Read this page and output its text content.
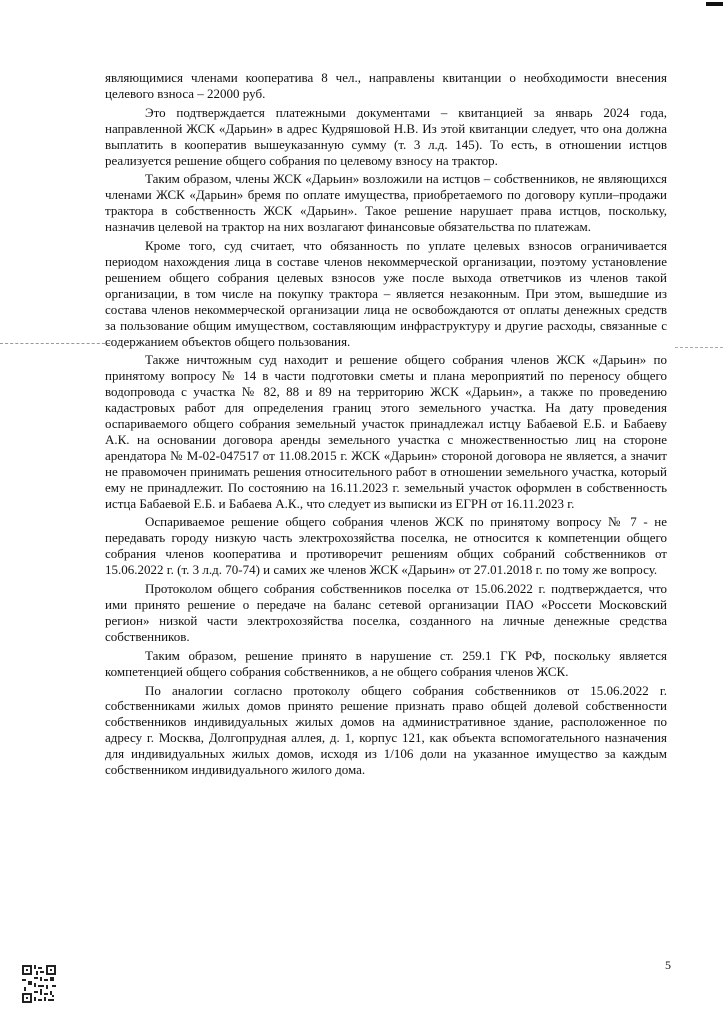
являющимися членами кооператива 8 чел., направлены квитанции о необходимости внесения целевого взноса – 22000 руб.

Это подтверждается платежными документами – квитанцией за январь 2024 года, направленной ЖСК «Дарьин» в адрес Кудряшовой Н.В. Из этой квитанции следует, что она должна выплатить в кооператив вышеуказанную сумму (т. 3 л.д. 145). То есть, в отношении истцов реализуется решение общего собрания по целевому взносу на трактор.

Таким образом, члены ЖСК «Дарьин» возложили на истцов – собственников, не являющихся членами ЖСК «Дарьин» бремя по оплате имущества, приобретаемого по договору купли–продажи трактора в собственность ЖСК «Дарьин». Такое решение нарушает права истцов, поскольку, назначив целевой на трактор на них возлагают финансовые обязательства по платежам.

Кроме того, суд считает, что обязанность по уплате целевых взносов ограничивается периодом нахождения лица в составе членов некоммерческой организации, поэтому установление решением общего собрания целевых взносов уже после выхода ответчиков из членов такой организации, в том числе на покупку трактора – является незаконным. При этом, вышедшие из состава членов некоммерческой организации лица не освобождаются от оплаты денежных средств за пользование общим имуществом, составляющим инфраструктуру и другие расходы, связанные с содержанием объектов общего пользования.

Также ничтожным суд находит и решение общего собрания членов ЖСК «Дарьин» по принятому вопросу № 14 в части подготовки сметы и плана мероприятий по переносу общего водопровода с участка № 82, 88 и 89 на территорию ЖСК «Дарьин», а также по проведению кадастровых работ для определения границ этого земельного участка. На дату проведения оспариваемого общего собрания земельный участок принадлежал истцу Бабаевой Е.Б. и Бабаеву А.К. на основании договора аренды земельного участка с множественностью лиц на стороне арендатора № М-02-047517 от 11.08.2015 г. ЖСК «Дарьин» стороной договора не является, а значит не правомочен принимать решения относительного работ в отношении земельного участка, который ему не принадлежит. По состоянию на 16.11.2023 г. земельный участок оформлен в собственность истца Бабаевой Е.Б. и Бабаева А.К., что следует из выписки из ЕГРН от 16.11.2023 г.

Оспариваемое решение общего собрания членов ЖСК по принятому вопросу № 7 - не передавать городу низкую часть электрохозяйства поселка, не относится к компетенции общего собрания членов кооператива и противоречит решениям общих собраний собственников от 15.06.2022 г. (т. 3 л.д. 70-74) и самих же членов ЖСК «Дарьин» от 27.01.2018 г. по тому же вопросу.

Протоколом общего собрания собственников поселка от 15.06.2022 г. подтверждается, что ими принято решение о передаче на баланс сетевой организации ПАО «Россети Московский регион» низкой части электрохозяйства поселка, созданного на личные денежные средства собственников.

Таким образом, решение принято в нарушение ст. 259.1 ГК РФ, поскольку является компетенцией общего собрания собственников, а не общего собрания членов ЖСК.

По аналогии согласно протоколу общего собрания собственников от 15.06.2022 г. собственниками жилых домов принято решение признать право общей долевой собственности собственников индивидуальных жилых домов на административное здание, расположенное по адресу г. Москва, Долгопрудная аллея, д. 1, корпус 121, как объекта вспомогательного назначения для индивидуальных жилых домов, исходя из 1/106 доли на указанное имущество за каждым собственником индивидуального жилого дома.

5
